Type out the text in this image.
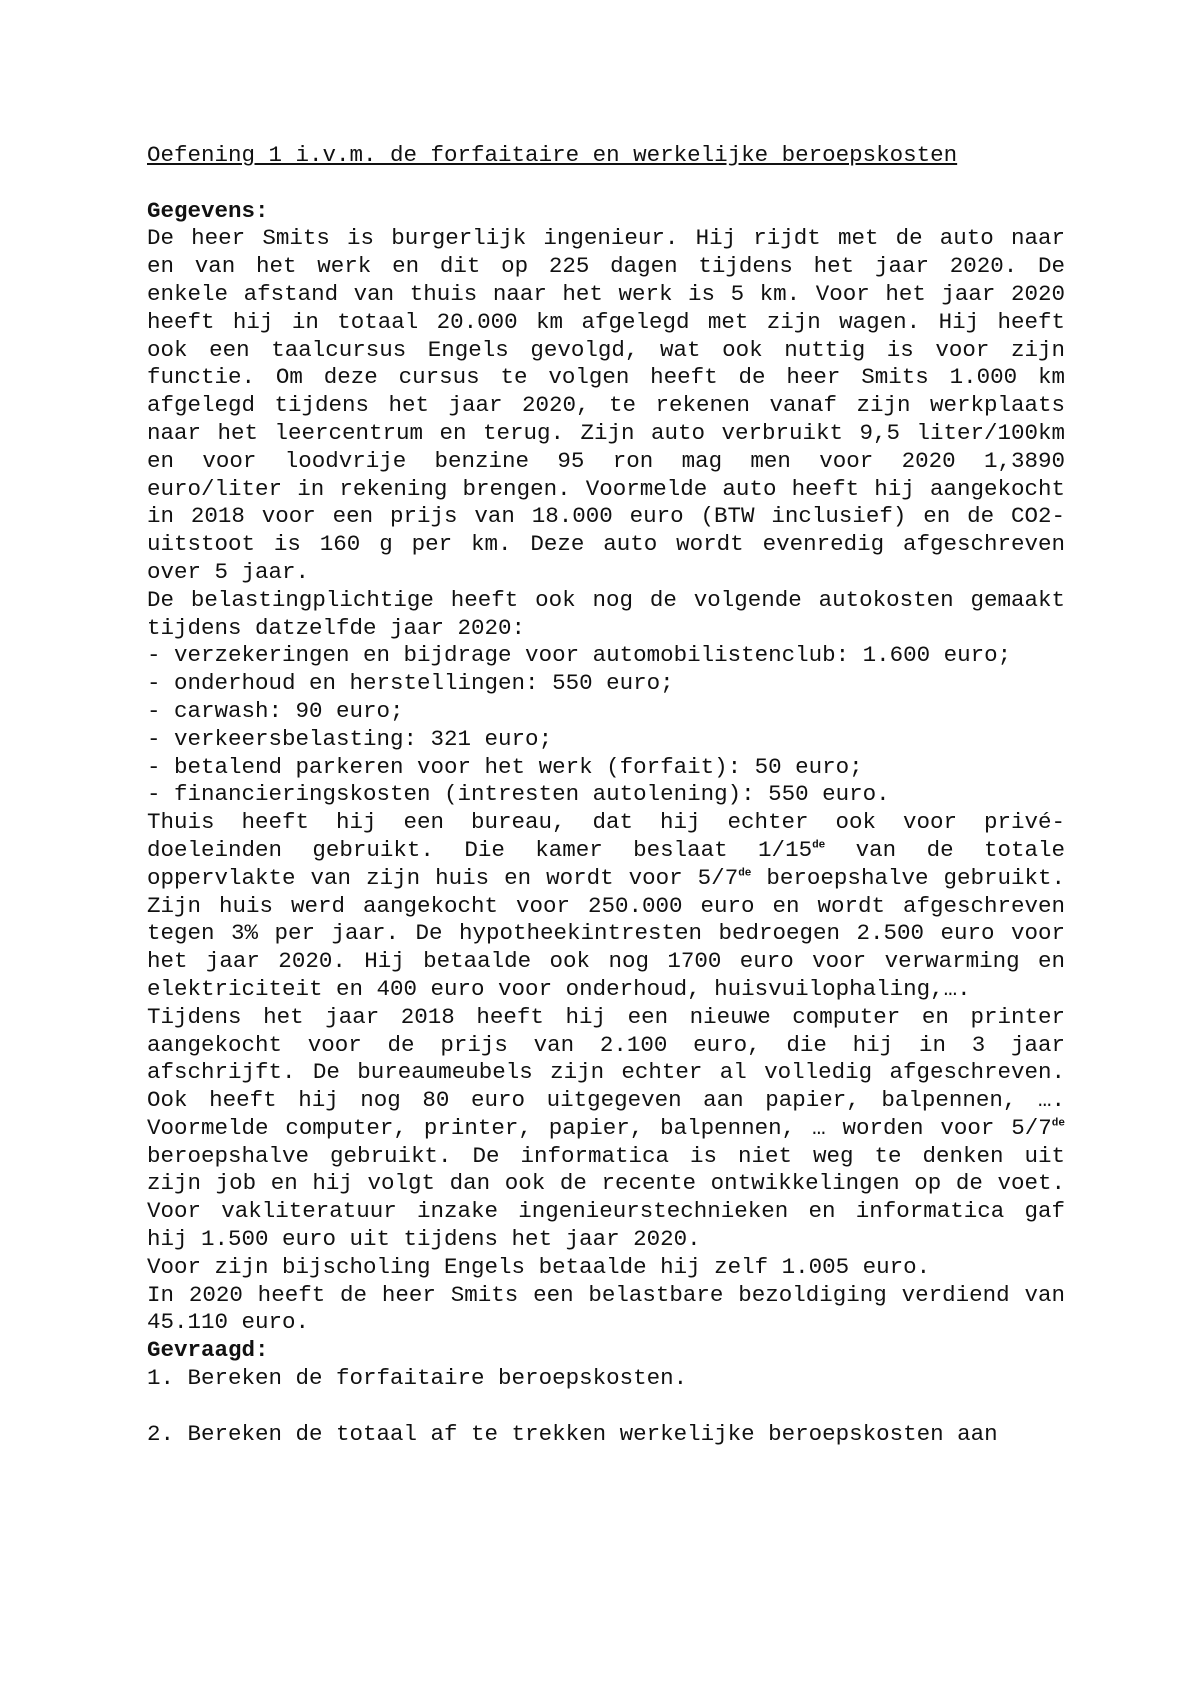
Oefening 1 i.v.m. de forfaitaire en werkelijke beroepskosten

Gegevens:

De heer Smits is burgerlijk ingenieur. Hij rijdt met de auto naar en van het werk en dit op 225 dagen tijdens het jaar 2020. De enkele afstand van thuis naar het werk is 5 km. Voor het jaar 2020 heeft hij in totaal 20.000 km afgelegd met zijn wagen. Hij heeft ook een taalcursus Engels gevolgd, wat ook nuttig is voor zijn functie. Om deze cursus te volgen heeft de heer Smits 1.000 km afgelegd tijdens het jaar 2020, te rekenen vanaf zijn werkplaats naar het leercentrum en terug. Zijn auto verbruikt 9,5 liter/100km en voor loodvrije benzine 95 ron mag men voor 2020 1,3890 euro/liter in rekening brengen. Voormelde auto heeft hij aangekocht in 2018 voor een prijs van 18.000 euro (BTW inclusief) en de CO2-uitstoot is 160 g per km. Deze auto wordt evenredig afgeschreven over 5 jaar.

De belastingplichtige heeft ook nog de volgende autokosten gemaakt tijdens datzelfde jaar 2020:

- verzekeringen en bijdrage voor automobilistenclub: 1.600 euro;
- onderhoud en herstellingen: 550 euro;
- carwash: 90 euro;
- verkeersbelasting: 321 euro;
- betalend parkeren voor het werk (forfait): 50 euro;
- financieringskosten (intresten autolening): 550 euro.

Thuis heeft hij een bureau, dat hij echter ook voor privé-doeleinden gebruikt. Die kamer beslaat 1/15de van de totale oppervlakte van zijn huis en wordt voor 5/7de beroepshalve gebruikt. Zijn huis werd aangekocht voor 250.000 euro en wordt afgeschreven tegen 3% per jaar. De hypotheekintresten bedroegen 2.500 euro voor het jaar 2020. Hij betaalde ook nog 1700 euro voor verwarming en elektriciteit en 400 euro voor onderhoud, huisvuilophaling,….

Tijdens het jaar 2018 heeft hij een nieuwe computer en printer aangekocht voor de prijs van 2.100 euro, die hij in 3 jaar afschrijft. De bureaumeubels zijn echter al volledig afgeschreven. Ook heeft hij nog 80 euro uitgegeven aan papier, balpennen, …. Voormelde computer, printer, papier, balpennen, … worden voor 5/7de beroepshalve gebruikt. De informatica is niet weg te denken uit zijn job en hij volgt dan ook de recente ontwikkelingen op de voet. Voor vakliteratuur inzake ingenieurstechnieken en informatica gaf hij 1.500 euro uit tijdens het jaar 2020.

Voor zijn bijscholing Engels betaalde hij zelf 1.005 euro.

In 2020 heeft de heer Smits een belastbare bezoldiging verdiend van 45.110 euro.

Gevraagd:

1. Bereken de forfaitaire beroepskosten.

2. Bereken de totaal af te trekken werkelijke beroepskosten aan
